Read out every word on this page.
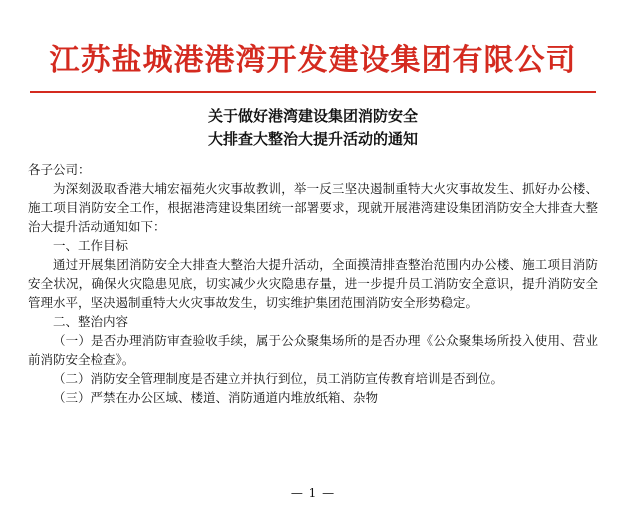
江苏盐城港港湾开发建设集团有限公司
关于做好港湾建设集团消防安全
大排查大整治大提升活动的通知

各子公司：

为深刻汲取香港大埔宏福苑火灾事故教训，举一反三坚决遏制重特大火灾事故发生、抓好办公楼、施工项目消防安全工作，根据港湾建设集团统一部署要求，现就开展港湾建设集团消防安全大排查大整治大提升活动通知如下：

一、工作目标

通过开展集团消防安全大排查大整治大提升活动，全面摸清排查整治范围内办公楼、施工项目消防安全状况，确保火灾隐患见底，切实减少火灾隐患存量，进一步提升员工消防安全意识，提升消防安全管理水平，坚决遏制重特大火灾事故发生，切实维护集团范围消防安全形势稳定。

二、整治内容

（一）是否办理消防审查验收手续，属于公众聚集场所的是否办理《公众聚集场所投入使用、营业前消防安全检查》。

（二）消防安全管理制度是否建立并执行到位，员工消防宣传教育培训是否到位。

（三）严禁在办公区域、楼道、消防通道内堆放纸箱、杂物

— 1 —
